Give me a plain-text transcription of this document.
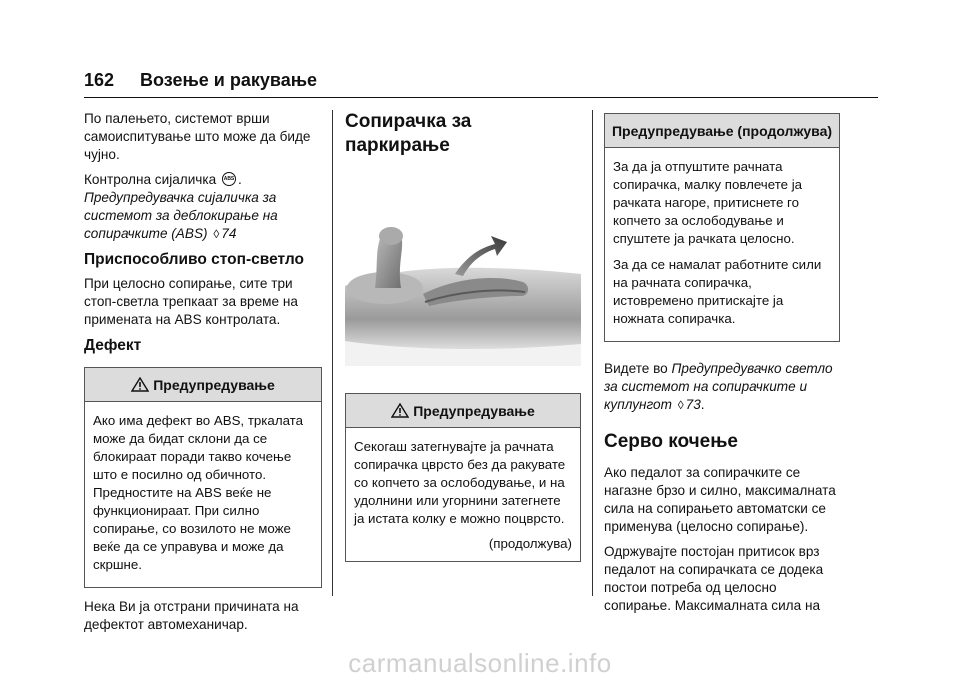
162 Возење и ракување

По палењето, системот врши самоиспитување што може да биде чујно.

Контролна сијаличка ABS . Предупредувачка сијаличка за системот за деблокирање на сопирачките (ABS) ◊ 74

Приспособливо стоп-светло

При целосно сопирање, сите три стоп-светла трепкаат за време на примената на ABS контролата.

Дефект
Предупредување

Ако има дефект во ABS, тркалата може да бидат склони да се блокираат поради такво кочење што е посилно од обичното. Предностите на ABS веќе не функционираат. При силно сопирање, со возилото не може веќе да се управува и може да скршне.

Нека Ви ја отстрани причината на дефектот автомеханичар.

Сопирачка за паркирање
Предупредување

Секогаш затегнувајте ја рачната сопирачка цврсто без да ракувате со копчето за ослободување, и на удолнини или угорнини затегнете ја истата колку е можно поцврсто.

(продолжува)
Предупредување (продолжува)

За да ја отпуштите рачната сопирачка, малку повлечете ја рачката нагоре, притиснете го копчето за ослободување и спуштете ја рачката целосно.

За да се намалат работните сили на рачната сопирачка, истовремено притискајте ја ножната сопирачка.

Видете во Предупредувачко светло за системот на сопирачките и куплунгот ◊ 73.

Серво кочење

Ако педалот за сопирачките се нагазне брзо и силно, максималната сила на сопирањето автоматски се применува (целосно сопирање).

Одржувајте постојан притисок врз педалот на сопирачката се додека постои потреба од целосно сопирање. Максималната сила на

carmanualsonline.info
